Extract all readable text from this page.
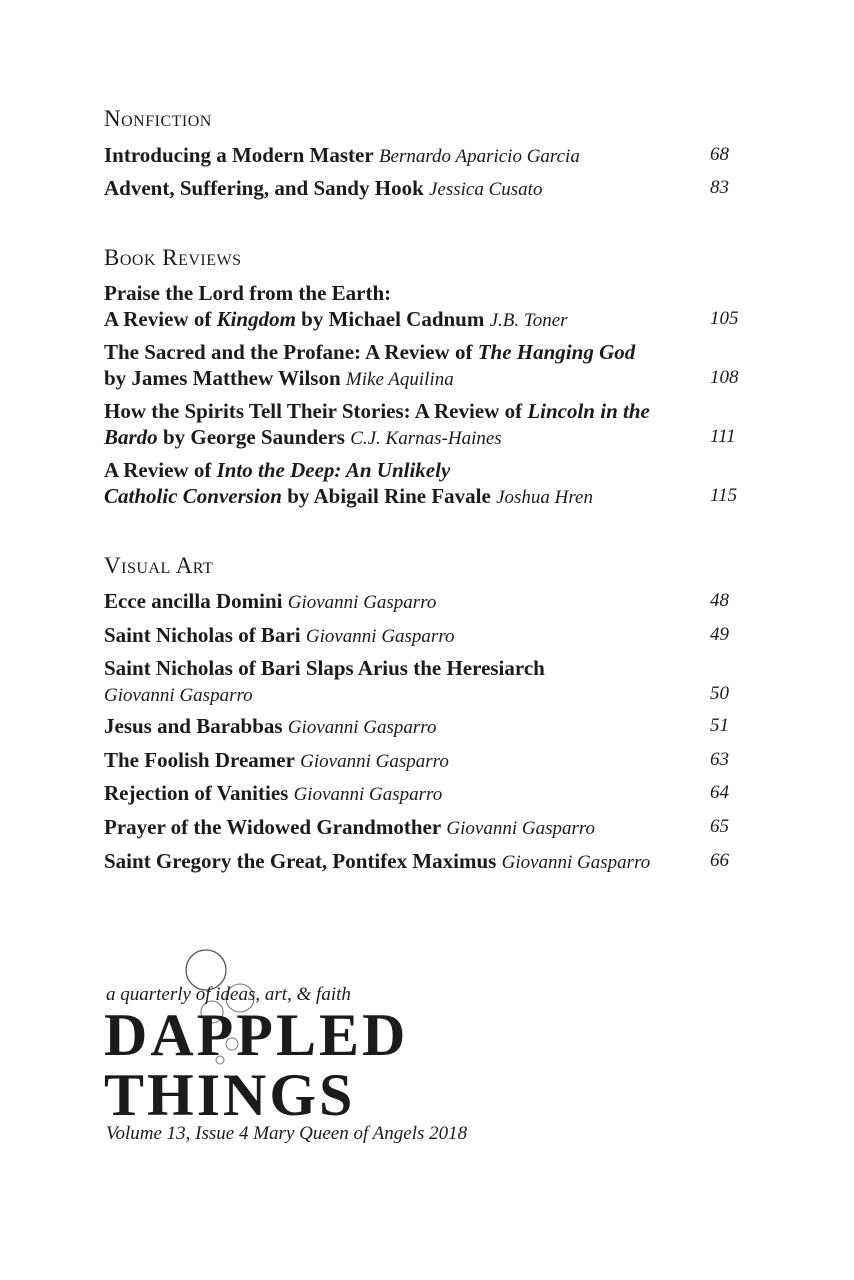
Nonfiction
Introducing a Modern Master Bernardo Aparicio Garcia	68
Advent, Suffering, and Sandy Hook Jessica Cusato	83
Book Reviews
Praise the Lord from the Earth:
A Review of Kingdom by Michael Cadnum J.B. Toner	105
The Sacred and the Profane: A Review of The Hanging God
by James Matthew Wilson Mike Aquilina	108
How the Spirits Tell Their Stories: A Review of Lincoln in the
Bardo by George Saunders C.J. Karnas-Haines	111
A Review of Into the Deep: An Unlikely
Catholic Conversion by Abigail Rine Favale Joshua Hren	115
Visual Art
Ecce ancilla Domini Giovanni Gasparro	48
Saint Nicholas of Bari Giovanni Gasparro	49
Saint Nicholas of Bari Slaps Arius the Heresiarch
Giovanni Gasparro	50
Jesus and Barabbas Giovanni Gasparro	51
The Foolish Dreamer Giovanni Gasparro	63
Rejection of Vanities Giovanni Gasparro	64
Prayer of the Widowed Grandmother Giovanni Gasparro	65
Saint Gregory the Great, Pontifex Maximus Giovanni Gasparro	66
a quarterly of ideas, art, & faith
DAPPLED
THINGS
Volume 13, Issue 4 Mary Queen of Angels 2018
